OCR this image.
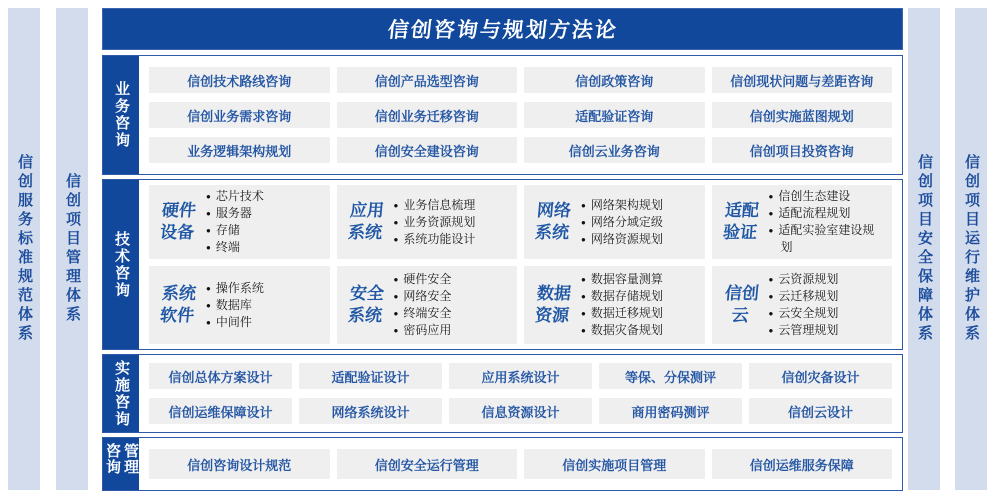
信创服务标准规范体系	信创项目管理体系
信创咨询与规划方法论
业务咨询	信创技术路线咨询	信创产品选型咨询	信创政策咨询	信创现状问题与差距咨询
信创业务需求咨询	信创业务迁移咨询	适配验证咨询	信创实施蓝图规划
业务逻辑架构规划	信创安全建设咨询	信创云业务咨询	信创项目投资咨询
技术咨询
硬件设备
● 芯片技术
● 服务器
● 存储
● 终端
应用系统
● 业务信息梳理
● 业务资源规划
● 系统功能设计
网络系统
● 网络架构规划
● 网络分域定级
● 网络资源规划
适配验证
● 信创生态建设
● 适配流程规划
● 适配实验室建设规划
系统软件
● 操作系统
● 数据库
● 中间件
安全系统
● 硬件安全
● 网络安全
● 终端安全
● 密码应用
数据资源
● 数据容量测算
● 数据存储规划
● 数据迁移规划
● 数据灾备规划
信创云
● 云资源规划
● 云迁移规划
● 云安全规划
● 云管理规划
实施咨询	信创总体方案设计	适配验证设计	应用系统设计	等保、分保测评	信创灾备设计
信创运维保障设计	网络系统设计	信息资源设计	商用密码测评	信创云设计
咨询管理	信创咨询设计规范	信创安全运行管理	信创实施项目管理	信创运维服务保障
信创项目安全保障体系	信创项目运行维护体系
